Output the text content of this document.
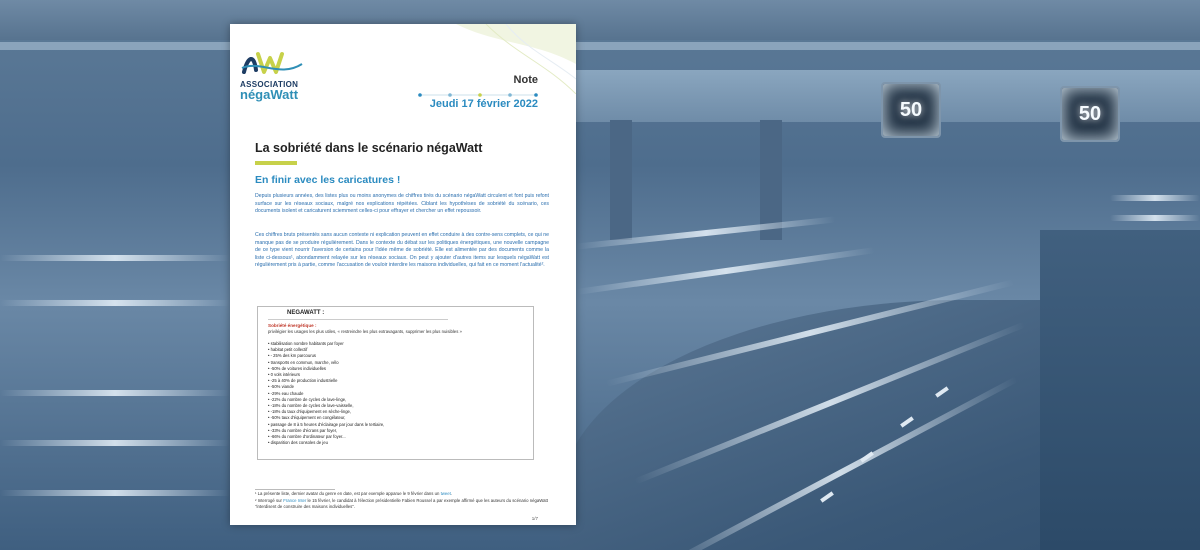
50	50
ASSOCIATION
négaWatt
Note
Jeudi 17 février 2022
La sobriété dans le scénario négaWatt
En finir avec les caricatures !
Depuis plusieurs années, des listes plus ou moins anonymes de chiffres tirés du scénario négaWatt circulent et font puis refont surface sur les réseaux sociaux, malgré nos explications répétées. Ciblant les hypothèses de sobriété du scénario, ces documents isolent et caricaturent sciemment celles-ci pour effrayer et chercher un effet repoussoir.
Ces chiffres bruts présentés sans aucun contexte ni explication peuvent en effet conduire à des contre-sens complets, ce qui ne manque pas de se produire régulièrement. Dans le contexte du débat sur les politiques énergétiques, une nouvelle campagne de ce type vient nourrir l'aversion de certains pour l'idée même de sobriété. Elle est alimentée par des documents comme la liste ci-dessous¹, abondamment relayée sur les réseaux sociaux. On peut y ajouter d'autres items sur lesquels négaWatt est régulièrement pris à partie, comme l'accusation de vouloir interdire les maisons individuelles, qui fait en ce moment l'actualité².
NEGAWATT :
Sobriété énergétique :
privilégier les usages les plus utiles, « restreindre les plus extravagants, supprimer les plus nuisibles »
• stabilisation nombre habitants par foyer
• habitat petit collectif
• - 25% des km parcourus
• transports en commun, marche, vélo
• -50% de voitures individuelles
• 0 vols intérieurs
• -25 à 40% de production industrielle
• -50% viande
• -29% eau chaude
• -22% du nombre de cycles de lave-linge,
• -18% du nombre de cycles de lave-vaisselle,
• -18% du taux d'équipement en sèche-linge,
• -50% taux d'équipement en congélateur,
• passage de 8 à 5 heures d'éclairage par jour dans le tertiaire,
• -33% du nombre d'écrans par foyer,
• -66% du nombre d'ordinateur par foyer...
• disparition des consoles de jeu
¹ La présente liste, dernier avatar du genre en date, est par exemple apparue le 9 février dans un tweet.
² Interrogé sur France Inter le 15 février, le candidat à l'élection présidentielle Fabien Roussel a par exemple affirmé que les auteurs du scénario négaWatt "interdisent de construire des maisons individuelles".
1/7
